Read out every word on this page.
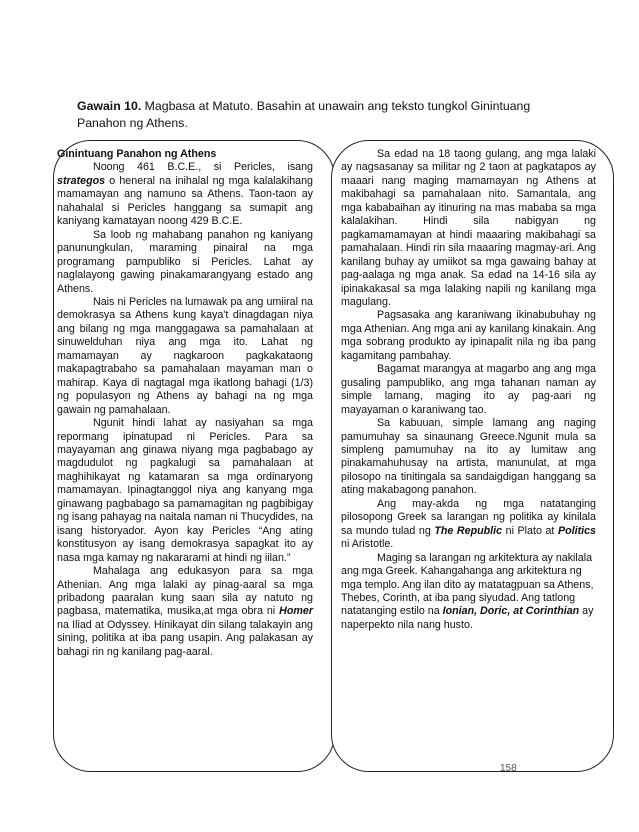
Gawain 10. Magbasa at Matuto. Basahin at unawain ang teksto tungkol Ginintuang Panahon ng Athens.

Ginintuang Panahon ng Athens

Noong 461 B.C.E., si Pericles, isang strategos o heneral na inihalal ng mga kalalakihang mamamayan ang namuno sa Athens. Taon-taon ay nahahalal si Pericles hanggang sa sumapit ang kaniyang kamatayan noong 429 B.C.E.

Sa loob ng mahabang panahon ng kaniyang panunungkulan, maraming pinairal na mga programang pampubliko si Pericles. Lahat ay naglalayong gawing pinakamarangyang estado ang Athens.

Nais ni Pericles na lumawak pa ang umiiral na demokrasya sa Athens kung kaya't dinagdagan niya ang bilang ng mga manggagawa sa pamahalaan at sinuwelduhan niya ang mga ito. Lahat ng mamamayan ay nagkaroon pagkakataong makapagtrabaho sa pamahalaan mayaman man o mahirap. Kaya di nagtagal mga ikatlong bahagi (1/3) ng populasyon ng Athens ay bahagi na ng mga gawain ng pamahalaan.

Ngunit hindi lahat ay nasiyahan sa mga repormang ipinatupad ni Pericles. Para sa mayayaman ang ginawa niyang mga pagbabago ay magdudulot ng pagkalugi sa pamahalaan at maghihikayat ng katamaran sa mga ordinaryong mamamayan. Ipinagtanggol niya ang kanyang mga ginawang pagbabago sa pamamagitan ng pagbibigay ng isang pahayag na naitala naman ni Thucydides, na isang historyador. Ayon kay Pericles “Ang ating konstitusyon ay isang demokrasya sapagkat ito ay nasa mga kamay ng nakararami at hindi ng iilan.”

Mahalaga ang edukasyon para sa mga Athenian. Ang mga lalaki ay pinag-aaral sa mga pribadong paaralan kung saan sila ay natuto ng pagbasa, matematika, musika,at mga obra ni Homer na Iliad at Odyssey. Hinikayat din silang talakayin ang sining, politika at iba pang usapin. Ang palakasan ay bahagi rin ng kanilang pag-aaral.

Sa edad na 18 taong gulang, ang mga lalaki ay nagsasanay sa militar ng 2 taon at pagkatapos ay maaari nang maging mamamayan ng Athens at makibahagi sa pamahalaan nito. Samantala, ang mga kababaihan ay itinuring na mas mababa sa mga kalalakihan. Hindi sila nabigyan ng pagkamamamayan at hindi maaaring makibahagi sa pamahalaan. Hindi rin sila maaaring magmay-ari. Ang kanilang buhay ay umiikot sa mga gawaing bahay at pag-aalaga ng mga anak. Sa edad na 14-16 sila ay ipinakakasal sa mga lalaking napili ng kanilang mga magulang.

Pagsasaka ang karaniwang ikinabubuhay ng mga Athenian. Ang mga ani ay kanilang kinakain. Ang mga sobrang produkto ay ipinapalit nila ng iba pang kagamitang pambahay.

Bagamat marangya at magarbo ang ang mga gusaling pampubliko, ang mga tahanan naman ay simple lamang, maging ito ay pag-aari ng mayayaman o karaniwang tao.

Sa kabuuan, simple lamang ang naging pamumuhay sa sinaunang Greece.Ngunit mula sa simpleng pamumuhay na ito ay lumitaw ang pinakamahuhusay na artista, manunulat, at mga pilosopo na tinitingala sa sandaigdigan hanggang sa ating makabagong panahon.

Ang may-akda ng mga natatanging pilosopong Greek sa larangan ng politika ay kinilala sa mundo tulad ng The Republic ni Plato at Politics ni Aristotle.

Maging sa larangan ng arkitektura ay nakilala ang mga Greek. Kahangahanga ang arkitektura ng mga templo. Ang ilan dito ay matatagpuan sa Athens, Thebes, Corinth, at iba pang siyudad. Ang tatlong natatanging estilo na Ionian, Doric, at Corinthian ay naperpekto nila nang husto.

158
